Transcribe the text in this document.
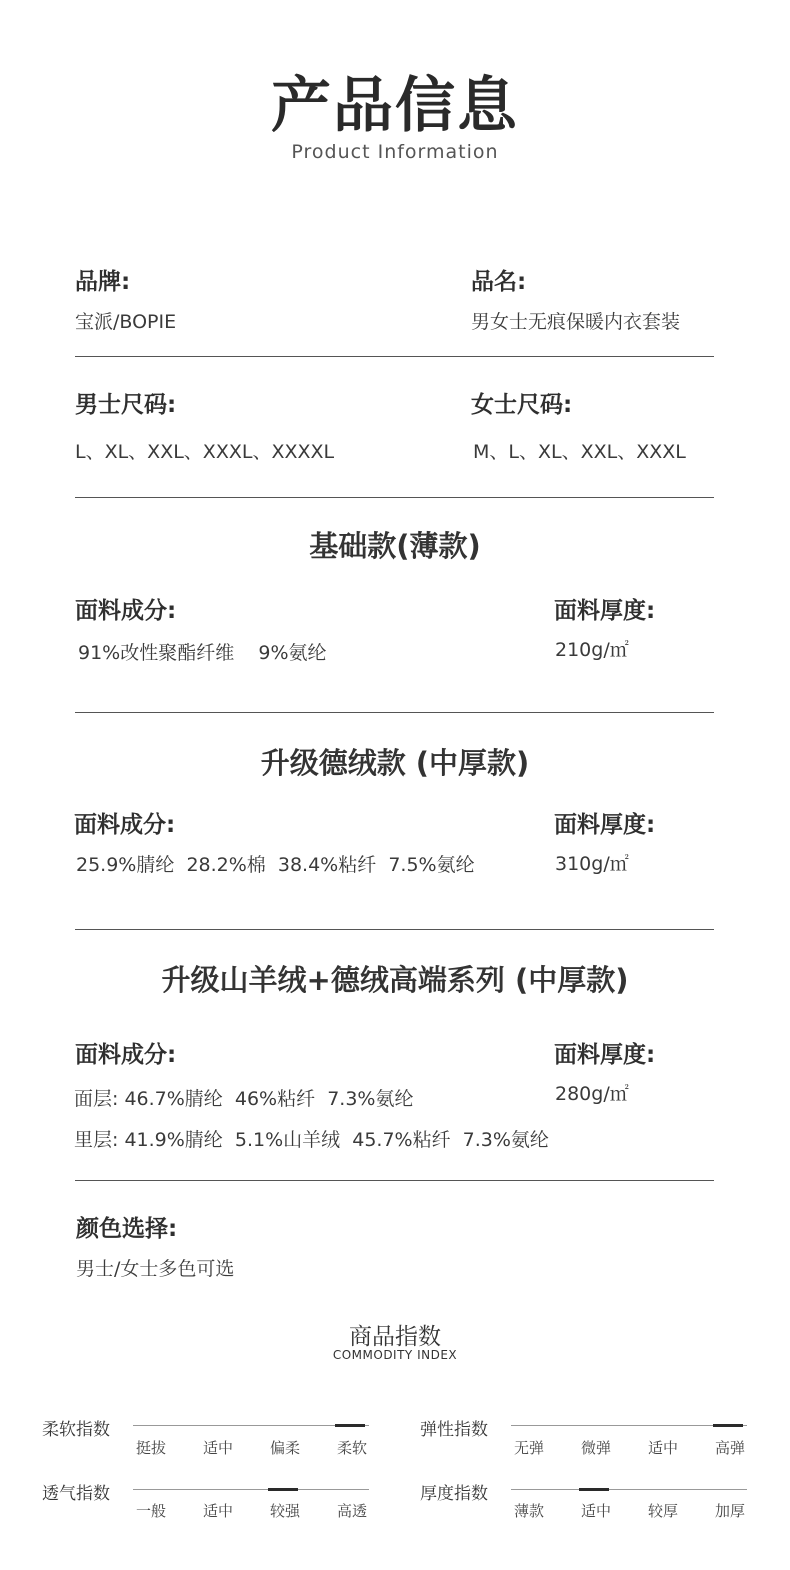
产品信息
Product Information
品牌:
宝派/BOPIE
品名:
男女士无痕保暖内衣套装
男士尺码:
L、XL、XXL、XXXL、XXXXL
女士尺码:
M、L、XL、XXL、XXXL
基础款(薄款)
面料成分:
91%改性聚酯纤维    9%氨纶
面料厚度:
210g/㎡
升级德绒款 (中厚款)
面料成分:
25.9%腈纶  28.2%棉  38.4%粘纤  7.5%氨纶
面料厚度:
310g/㎡
升级山羊绒+德绒高端系列 (中厚款)
面料成分:
面层: 46.7%腈纶  46%粘纤  7.3%氨纶
里层: 41.9%腈纶  5.1%山羊绒  45.7%粘纤  7.3%氨纶
面料厚度:
280g/㎡
颜色选择:
男士/女士多色可选
商品指数
COMMODITY INDEX
柔软指数
挺拔	适中	偏柔	柔软
弹性指数
无弹	微弹	适中	高弹
透气指数
一般	适中	较强	高透
厚度指数
薄款	适中	较厚	加厚
